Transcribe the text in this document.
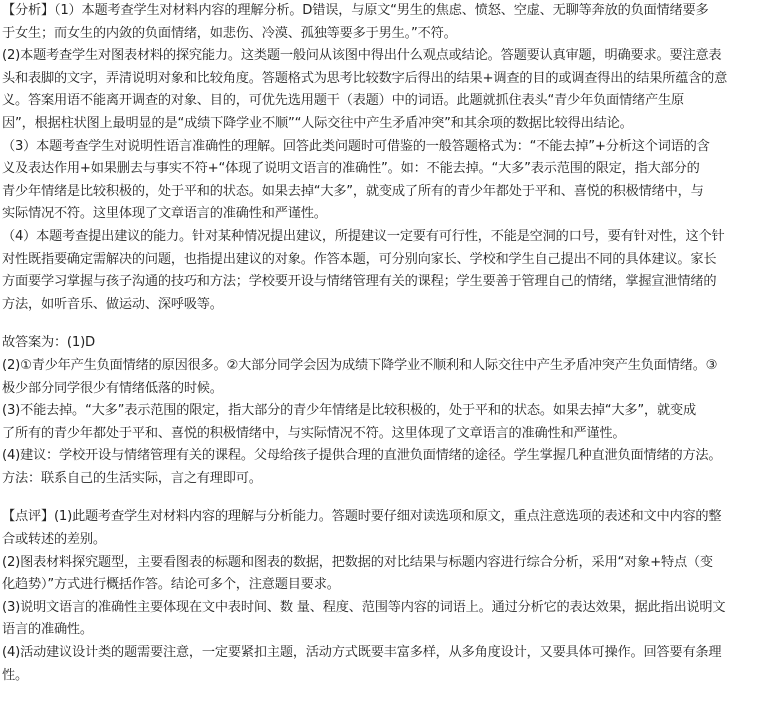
【分析】（1）本题考查学生对材料内容的理解分析。D错误，与原文“男生的焦虑、愤怒、空虚、无聊等奔放的负面情绪要多
于女生；而女生的内敛的负面情绪，如悲伤、冷漠、孤独等要多于男生。”不符。
(2)本题考查学生对图表材料的探究能力。这类题一般问从该图中得出什么观点或结论。答题要认真审题，明确要求。要注意表
头和表脚的文字，弄清说明对象和比较角度。答题格式为思考比较数字后得出的结果+调查的目的或调查得出的结果所蕴含的意
义。答案用语不能离开调查的对象、目的，可优先选用题干（表题）中的词语。此题就抓住表头“青少年负面情绪产生原
因”，根据柱状图上最明显的是“成绩下降学业不顺”“人际交往中产生矛盾冲突”和其余项的数据比较得出结论。
（3）本题考查学生对说明性语言准确性的理解。回答此类问题时可借鉴的一般答题格式为：“不能去掉”+分析这个词语的含
义及表达作用+如果删去与事实不符+“体现了说明文语言的准确性”。如：不能去掉。“大多”表示范围的限定，指大部分的
青少年情绪是比较积极的，处于平和的状态。如果去掉“大多”，就变成了所有的青少年都处于平和、喜悦的积极情绪中，与
实际情况不符。这里体现了文章语言的准确性和严谨性。
（4）本题考查提出建议的能力。针对某种情况提出建议，所提建议一定要有可行性，不能是空洞的口号，要有针对性，这个针
对性既指要确定需解决的问题，也指提出建议的对象。作答本题，可分别向家长、学校和学生自己提出不同的具体建议。家长
方面要学习掌握与孩子沟通的技巧和方法；学校要开设与情绪管理有关的课程；学生要善于管理自己的情绪，掌握宣泄情绪的
方法，如听音乐、做运动、深呼吸等。
故答案为：(1)D
(2)①青少年产生负面情绪的原因很多。②大部分同学会因为成绩下降学业不顺利和人际交往中产生矛盾冲突产生负面情绪。③
极少部分同学很少有情绪低落的时候。
(3)不能去掉。“大多”表示范围的限定，指大部分的青少年情绪是比较积极的，处于平和的状态。如果去掉“大多”，就变成
了所有的青少年都处于平和、喜悦的积极情绪中，与实际情况不符。这里体现了文章语言的准确性和严谨性。
(4)建议：学校开设与情绪管理有关的课程。父母给孩子提供合理的直泄负面情绪的途径。学生掌握几种直泄负面情绪的方法。
方法：联系自己的生活实际，言之有理即可。
【点评】(1)此题考查学生对材料内容的理解与分析能力。答题时要仔细对读选项和原文，重点注意选项的表述和文中内容的整
合或转述的差别。
(2)图表材料探究题型，主要看图表的标题和图表的数据，把数据的对比结果与标题内容进行综合分析，采用“对象+特点（变
化趋势）”方式进行概括作答。结论可多个，注意题目要求。
(3)说明文语言的准确性主要体现在文中表时间、数 量、程度、范围等内容的词语上。通过分析它的表达效果，据此指出说明文
语言的准确性。
(4)活动建议设计类的题需要注意，一定要紧扣主题，活动方式既要丰富多样，从多角度设计，又要具体可操作。回答要有条理
性。
